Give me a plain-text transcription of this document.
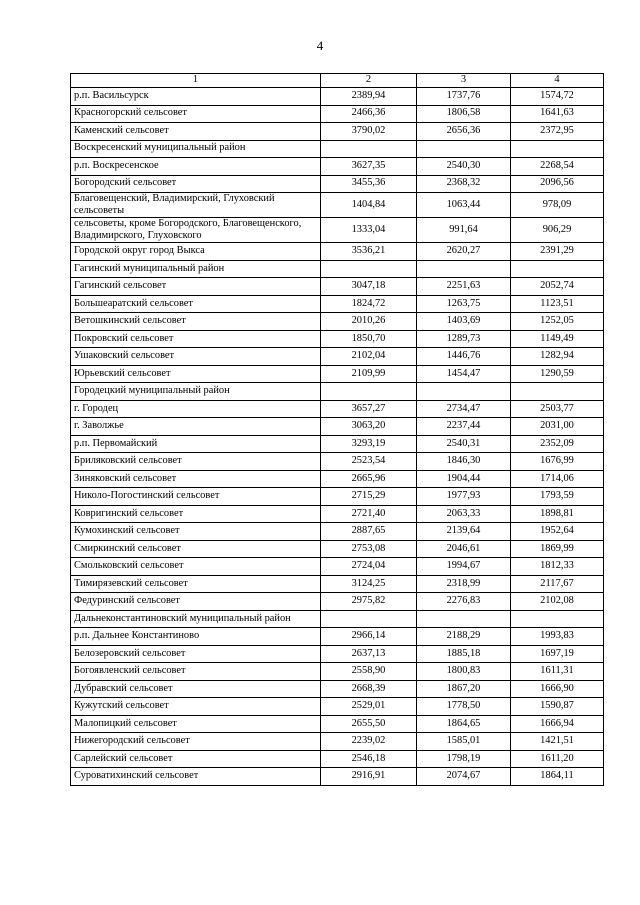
4
1	2	3	4
р.п. Васильсурск	2389,94	1737,76	1574,72
Красногорский сельсовет	2466,36	1806,58	1641,63
Каменский сельсовет	3790,02	2656,36	2372,95
Воскресенский муниципальный район			
р.п. Воскресенское	3627,35	2540,30	2268,54
Богородский сельсовет	3455,36	2368,32	2096,56
Благовещенский, Владимирский, Глуховский сельсоветы	1404,84	1063,44	978,09
сельсоветы, кроме Богородского, Благовещенского, Владимирского, Глуховского	1333,04	991,64	906,29
Городской округ город Выкса	3536,21	2620,27	2391,29
Гагинский муниципальный район			
Гагинский сельсовет	3047,18	2251,63	2052,74
Большеаратский сельсовет	1824,72	1263,75	1123,51
Ветошкинский сельсовет	2010,26	1403,69	1252,05
Покровский сельсовет	1850,70	1289,73	1149,49
Ушаковский сельсовет	2102,04	1446,76	1282,94
Юрьевский сельсовет	2109,99	1454,47	1290,59
Городецкий муниципальный район			
г. Городец	3657,27	2734,47	2503,77
г. Заволжье	3063,20	2237,44	2031,00
р.п. Первомайский	3293,19	2540,31	2352,09
Бриляковский сельсовет	2523,54	1846,30	1676,99
Зиняковский сельсовет	2665,96	1904,44	1714,06
Николо-Погостинский сельсовет	2715,29	1977,93	1793,59
Ковригинский сельсовет	2721,40	2063,33	1898,81
Кумохинский сельсовет	2887,65	2139,64	1952,64
Смиркинский сельсовет	2753,08	2046,61	1869,99
Смольковский сельсовет	2724,04	1994,67	1812,33
Тимирязевский сельсовет	3124,25	2318,99	2117,67
Федуринский сельсовет	2975,82	2276,83	2102,08
Дальнеконстантиновский муниципальный район			
р.п. Дальнее Константиново	2966,14	2188,29	1993,83
Белозеровский сельсовет	2637,13	1885,18	1697,19
Богоявленский сельсовет	2558,90	1800,83	1611,31
Дубравский сельсовет	2668,39	1867,20	1666,90
Кужутский сельсовет	2529,01	1778,50	1590,87
Малопицкий сельсовет	2655,50	1864,65	1666,94
Нижегородский сельсовет	2239,02	1585,01	1421,51
Сарлейский сельсовет	2546,18	1798,19	1611,20
Суроватихинский сельсовет	2916,91	2074,67	1864,11
